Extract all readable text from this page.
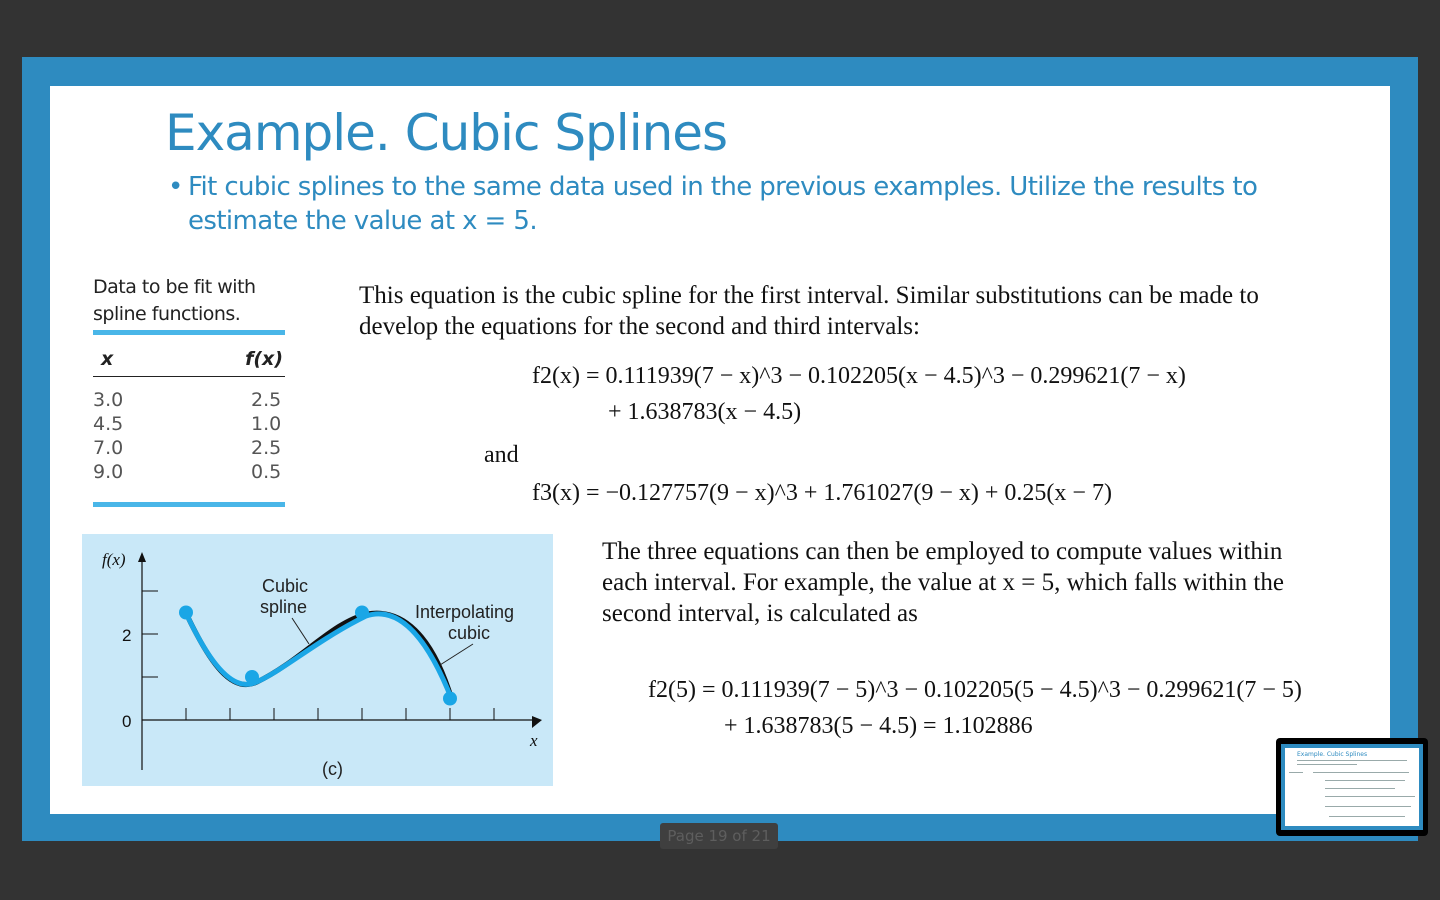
Example. Cubic Splines
• Fit cubic splines to the same data used in the previous examples. Utilize the results to estimate the value at x = 5.
Data to be fit with
spline functions.
x	f(x)
3.0	2.5
4.5	1.0
7.0	2.5
9.0	0.5
This equation is the cubic spline for the first interval. Similar substitutions can be made to develop the equations for the second and third intervals:
f2(x) = 0.111939(7 − x)^3 − 0.102205(x − 4.5)^3 − 0.299621(7 − x)
+ 1.638783(x − 4.5)
and
f3(x) = −0.127757(9 − x)^3 + 1.761027(9 − x) + 0.25(x − 7)
The three equations can then be employed to compute values within each interval. For example, the value at x = 5, which falls within the second interval, is calculated as
f2(5) = 0.111939(7 − 5)^3 − 0.102205(5 − 4.5)^3 − 0.299621(7 − 5)
+ 1.638783(5 − 4.5) = 1.102886
f(x)
2
0
x
Cubic
spline	Interpolating
cubic
(c)
Page 19 of 21
Example. Cubic Splines
